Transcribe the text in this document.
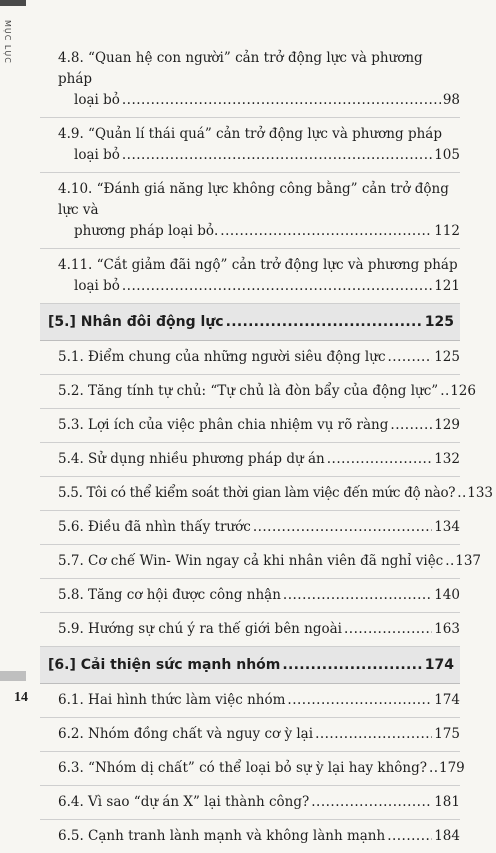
MỤC LỤC	4.8. “Quan hệ con người” cản trở động lực và phương pháp
loại bỏ .....	98
4.9. “Quản lí thái quá” cản trở động lực và phương pháp
loại bỏ .....	105
4.10. “Đánh giá năng lực không công bằng” cản trở động lực và
phương pháp loại bỏ. .....	112
4.11. “Cắt giảm đãi ngộ” cản trở động lực và phương pháp
loại bỏ .....	121
[5.] Nhân đôi động lực .....	125
5.1. Điểm chung của những người siêu động lực .....	125
5.2. Tăng tính tự chủ: “Tự chủ là đòn bẩy của động lực” ..... 126
5.3. Lợi ích của việc phân chia nhiệm vụ rõ ràng .....	129
5.4. Sử dụng nhiều phương pháp dự án .....	132
5.5. Tôi có thể kiểm soát thời gian làm việc đến mức độ nào? ..... 133
5.6. Điều đã nhìn thấy trước .....	134
5.7. Cơ chế Win- Win ngay cả khi nhân viên đã nghỉ việc ..... 137
5.8. Tăng cơ hội được công nhận .....	140
5.9. Hướng sự chú ý ra thế giới bên ngoài .....	163
[6.] Cải thiện sức mạnh nhóm .....	174
6.1. Hai hình thức làm việc nhóm .....	174
6.2. Nhóm đồng chất và nguy cơ ỳ lại .....	175
6.3. “Nhóm dị chất” có thể loại bỏ sự ỳ lại hay không? ..... 179
6.4. Vì sao “dự án X” lại thành công? .....	181
6.5. Cạnh tranh lành mạnh và không lành mạnh .....	184
14
